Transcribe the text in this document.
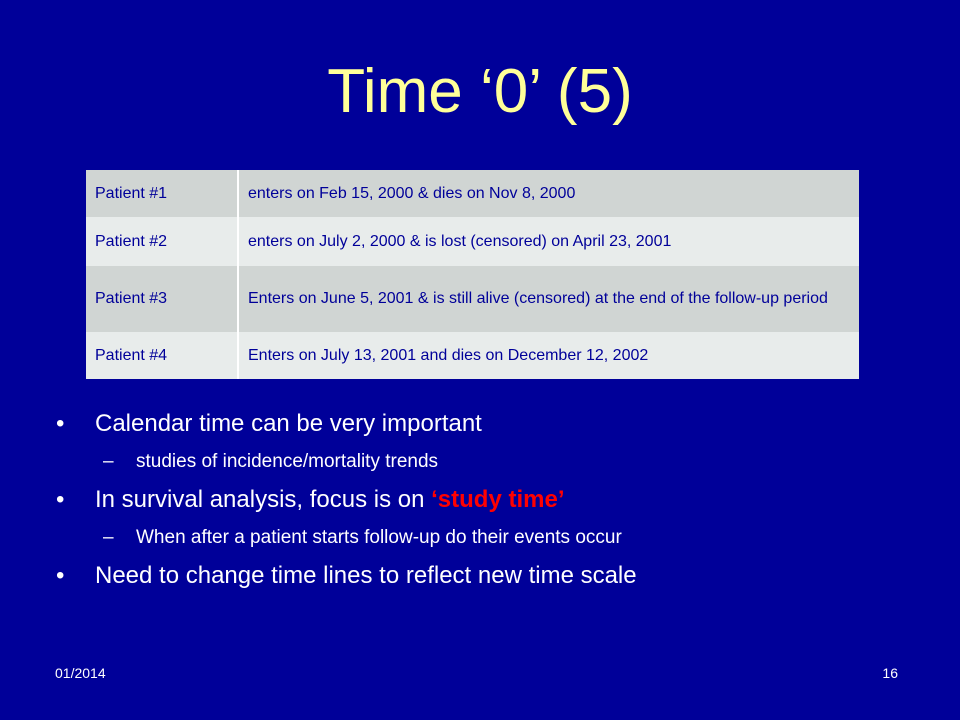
Time ‘0’ (5)
Patient #1	enters on Feb 15, 2000 & dies on Nov 8, 2000
Patient #2	enters on July 2, 2000 & is lost (censored) on April 23, 2001
Patient #3	Enters on June 5, 2001 & is still alive (censored) at the end of the follow-up period
Patient #4	Enters on July 13, 2001 and dies on December 12, 2002
• Calendar time can be very important
– studies of incidence/mortality trends
• In survival analysis, focus is on ‘study time’
– When after a patient starts follow-up do their events occur
• Need to change time lines to reflect new time scale
01/2014	16
